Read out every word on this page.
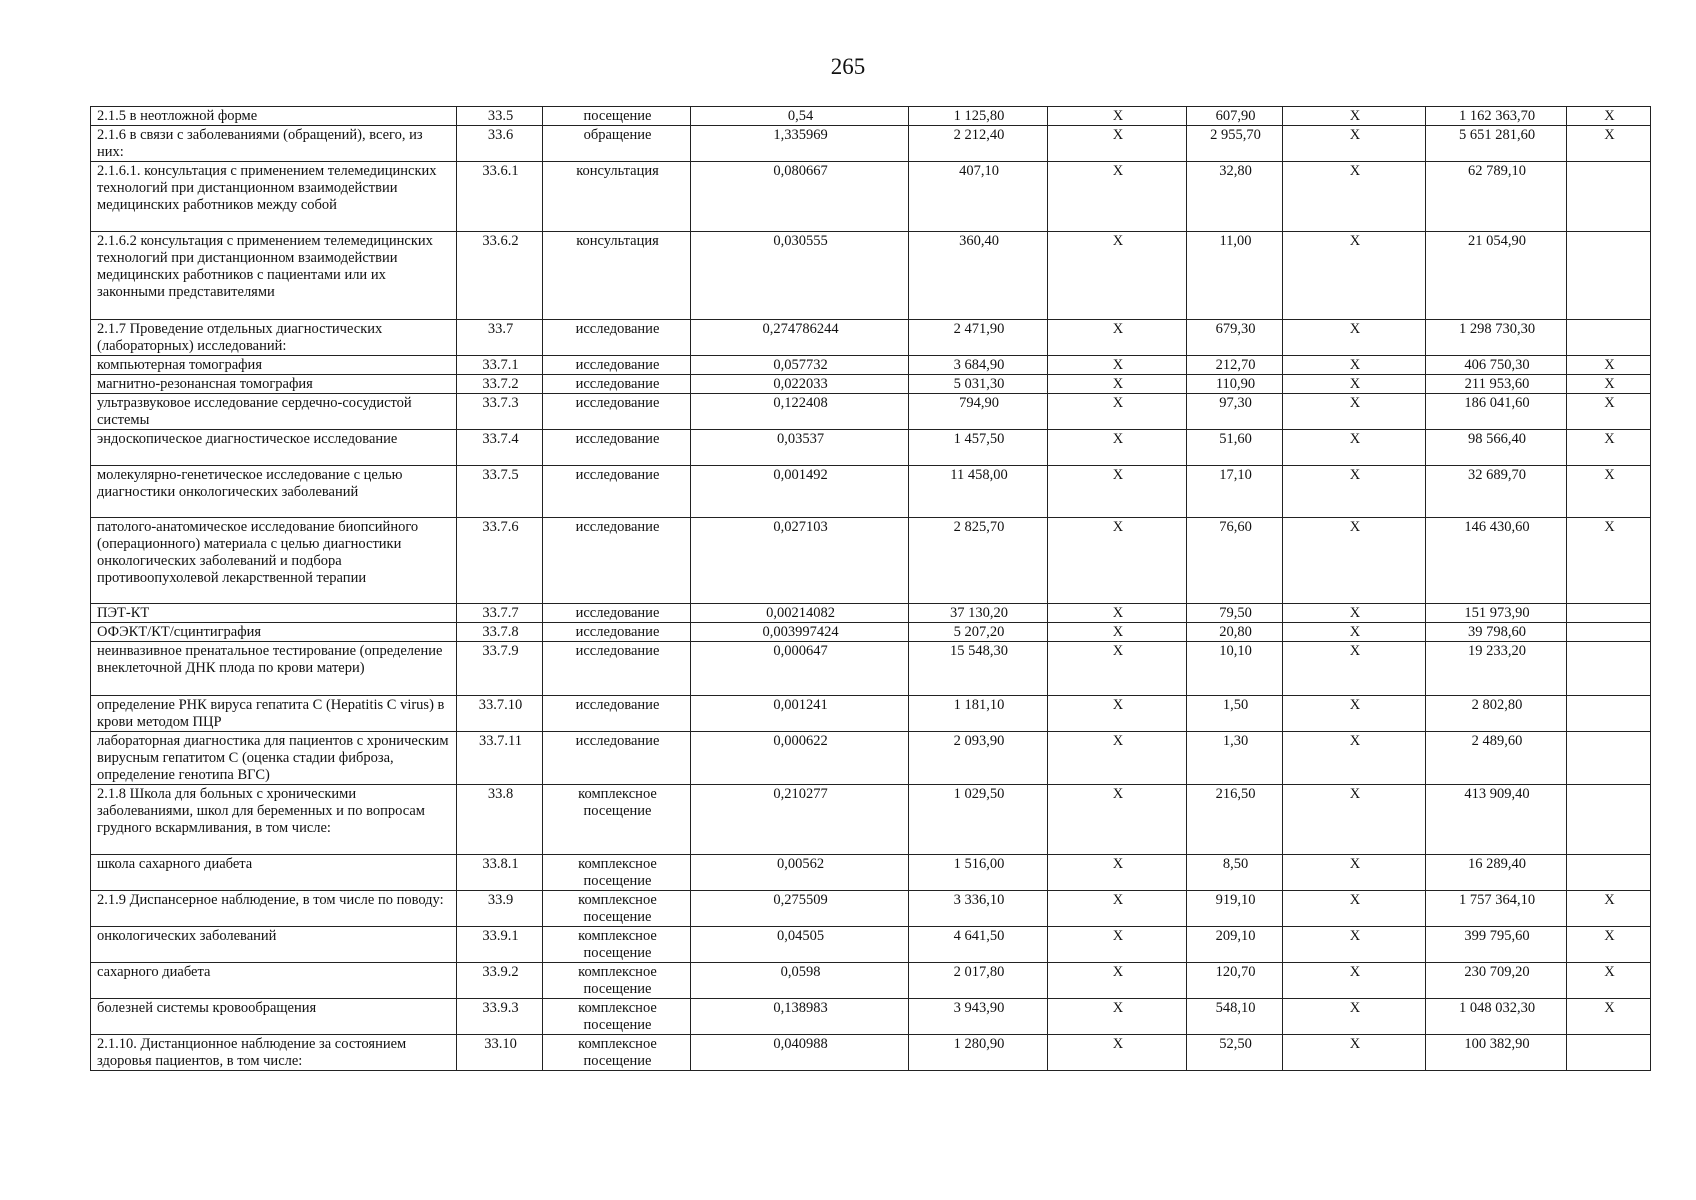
265
2.1.5 в неотложной форме	33.5	посещение	0,54	1 125,80	X	607,90	X	1 162 363,70	X
2.1.6 в связи с заболеваниями (обращений), всего, из них:	33.6	обращение	1,335969	2 212,40	X	2 955,70	X	5 651 281,60	X
2.1.6.1. консультация с применением телемедицинских технологий при дистанционном взаимодействии медицинских работников между собой	33.6.1	консультация	0,080667	407,10	X	32,80	X	62 789,10	
2.1.6.2 консультация с применением телемедицинских технологий при дистанционном взаимодействии медицинских работников с пациентами или их законными представителями	33.6.2	консультация	0,030555	360,40	X	11,00	X	21 054,90	
2.1.7 Проведение отдельных диагностических (лабораторных) исследований:	33.7	исследование	0,274786244	2 471,90	X	679,30	X	1 298 730,30	
компьютерная томография	33.7.1	исследование	0,057732	3 684,90	X	212,70	X	406 750,30	X
магнитно-резонансная томография	33.7.2	исследование	0,022033	5 031,30	X	110,90	X	211 953,60	X
ультразвуковое исследование сердечно-сосудистой системы	33.7.3	исследование	0,122408	794,90	X	97,30	X	186 041,60	X
эндоскопическое диагностическое исследование	33.7.4	исследование	0,03537	1 457,50	X	51,60	X	98 566,40	X
молекулярно-генетическое исследование с целью диагностики онкологических заболеваний	33.7.5	исследование	0,001492	11 458,00	X	17,10	X	32 689,70	X
патолого-анатомическое исследование биопсийного (операционного) материала с целью диагностики онкологических заболеваний и подбора противоопухолевой лекарственной терапии	33.7.6	исследование	0,027103	2 825,70	X	76,60	X	146 430,60	X
ПЭТ-КТ	33.7.7	исследование	0,00214082	37 130,20	X	79,50	X	151 973,90	
ОФЭКТ/КТ/сцинтиграфия	33.7.8	исследование	0,003997424	5 207,20	X	20,80	X	39 798,60	
неинвазивное пренатальное тестирование (определение внеклеточной ДНК плода по крови матери)	33.7.9	исследование	0,000647	15 548,30	X	10,10	X	19 233,20	
определение РНК вируса гепатита С (Hepatitis C virus) в крови методом ПЦР	33.7.10	исследование	0,001241	1 181,10	X	1,50	X	2 802,80	
лабораторная диагностика для пациентов с хроническим вирусным гепатитом С (оценка стадии фиброза, определение генотипа ВГС)	33.7.11	исследование	0,000622	2 093,90	X	1,30	X	2 489,60	
2.1.8 Школа для больных с хроническими заболеваниями, школ для беременных и по вопросам грудного вскармливания, в том числе:	33.8	комплексное посещение	0,210277	1 029,50	X	216,50	X	413 909,40	
школа сахарного диабета	33.8.1	комплексное посещение	0,00562	1 516,00	X	8,50	X	16 289,40	
2.1.9 Диспансерное наблюдение, в том числе по поводу:	33.9	комплексное посещение	0,275509	3 336,10	X	919,10	X	1 757 364,10	X
онкологических заболеваний	33.9.1	комплексное посещение	0,04505	4 641,50	X	209,10	X	399 795,60	X
сахарного диабета	33.9.2	комплексное посещение	0,0598	2 017,80	X	120,70	X	230 709,20	X
болезней системы кровообращения	33.9.3	комплексное посещение	0,138983	3 943,90	X	548,10	X	1 048 032,30	X
2.1.10. Дистанционное наблюдение за состоянием здоровья пациентов, в том числе:	33.10	комплексное посещение	0,040988	1 280,90	X	52,50	X	100 382,90	
